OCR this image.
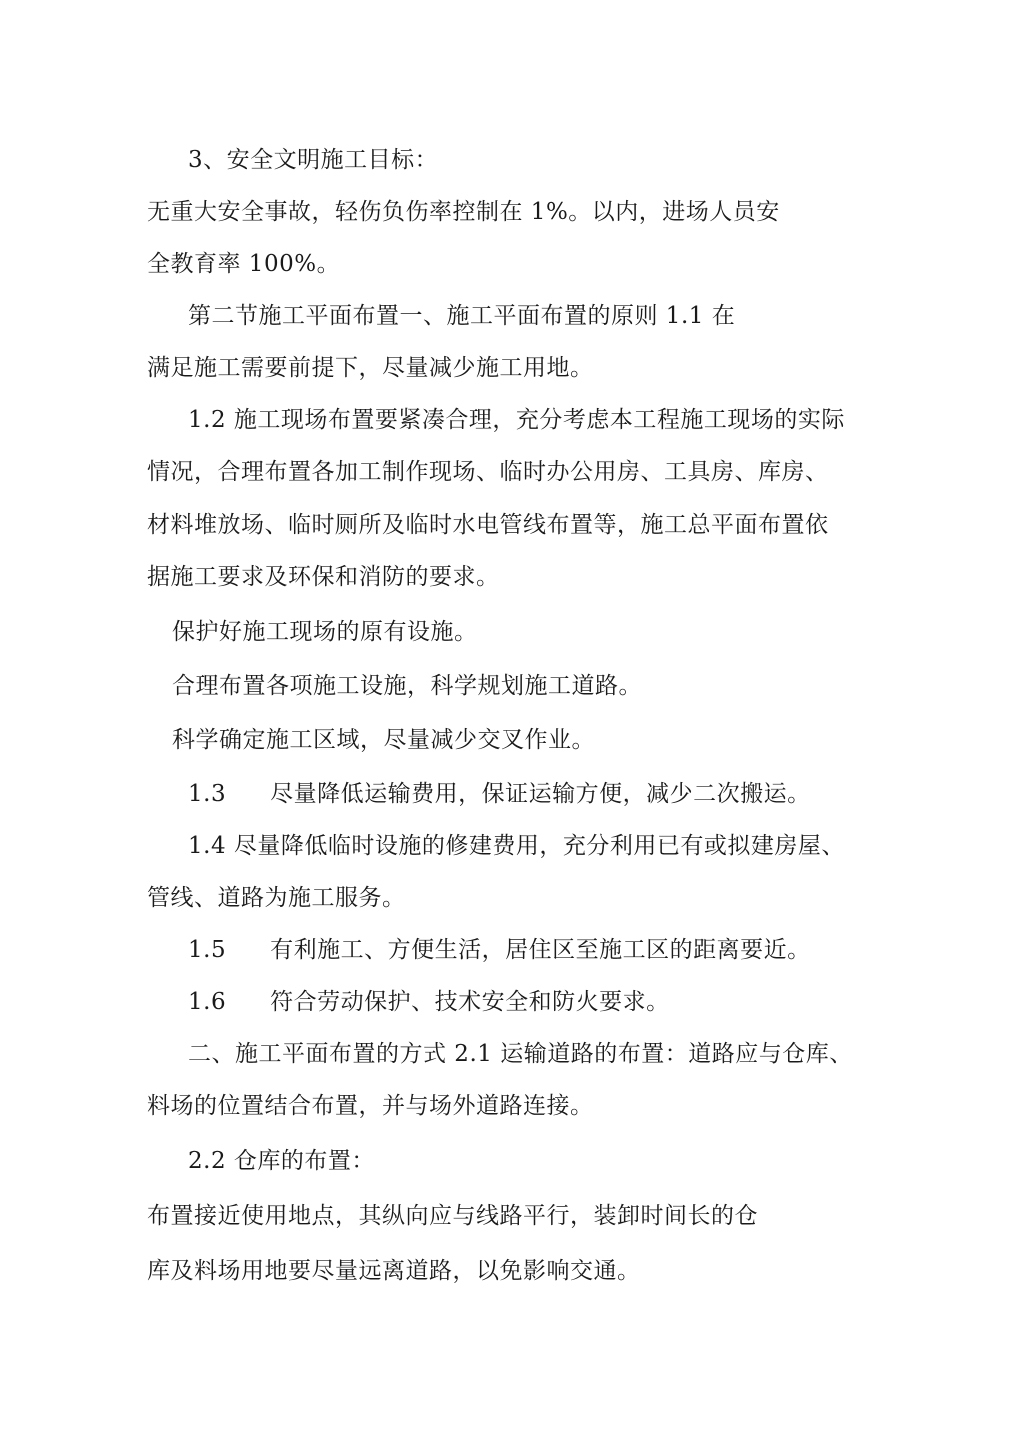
3、安全文明施工目标：
无重大安全事故，轻伤负伤率控制在 1%。以内，进场人员安
全教育率 100%。
第二节施工平面布置一、施工平面布置的原则 1.1 在
满足施工需要前提下，尽量减少施工用地。
1.2 施工现场布置要紧凑合理，充分考虑本工程施工现场的实际
情况，合理布置各加工制作现场、临时办公用房、工具房、库房、
材料堆放场、临时厕所及临时水电管线布置等，施工总平面布置依
据施工要求及环保和消防的要求。
保护好施工现场的原有设施。
合理布置各项施工设施，科学规划施工道路。
科学确定施工区域，尽量减少交叉作业。
1.3 尽量降低运输费用，保证运输方便，减少二次搬运。
1.4 尽量降低临时设施的修建费用，充分利用已有或拟建房屋、
管线、道路为施工服务。
1.5 有利施工、方便生活，居住区至施工区的距离要近。
1.6 符合劳动保护、技术安全和防火要求。
二、施工平面布置的方式 2.1 运输道路的布置：道路应与仓库、
料场的位置结合布置，并与场外道路连接。
2.2 仓库的布置：
布置接近使用地点，其纵向应与线路平行，装卸时间长的仓
库及料场用地要尽量远离道路，以免影响交通。
